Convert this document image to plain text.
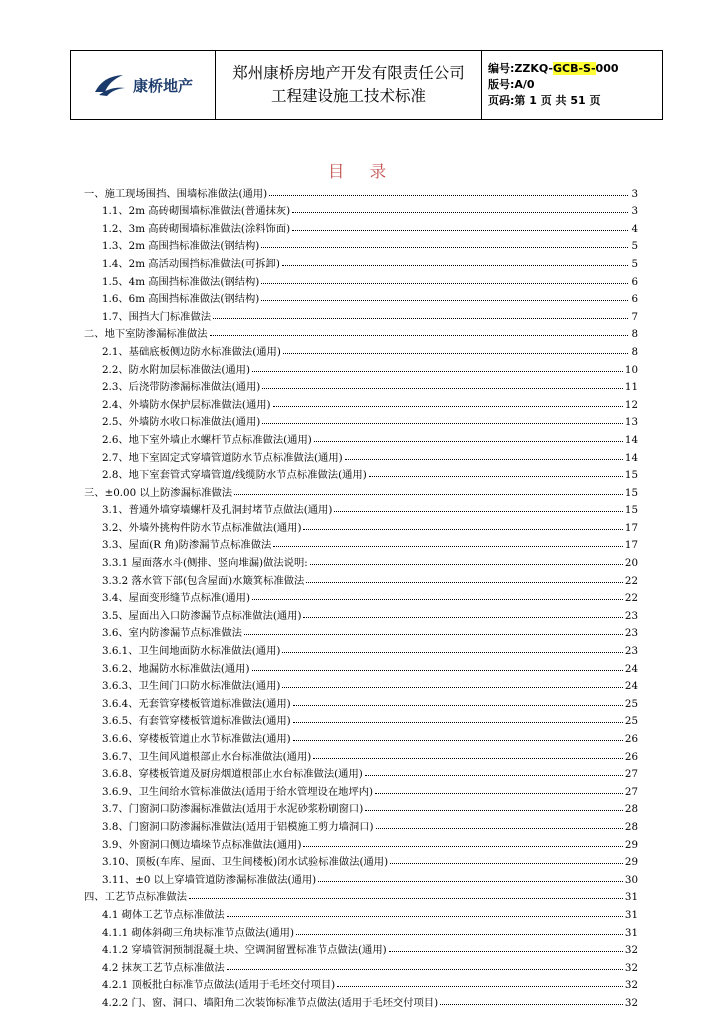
康桥地产
郑州康桥房地产开发有限责任公司
工程建设施工技术标准
编号:ZZKQ-GCB-S-000
版号:A/0
页码:第 1 页 共 51 页
目 录
一、施工现场围挡、围墙标准做法(通用)	3
1.1、2m 高砖砌围墙标准做法(普通抹灰)	3
1.2、3m 高砖砌围墙标准做法(涂料饰面)	4
1.3、2m 高围挡标准做法(钢结构)	5
1.4、2m 高活动围挡标准做法(可拆卸)	5
1.5、4m 高围挡标准做法(钢结构)	6
1.6、6m 高围挡标准做法(钢结构)	6
1.7、围挡大门标准做法	7
二、地下室防渗漏标准做法	8
2.1、基础底板侧边防水标准做法(通用)	8
2.2、防水附加层标准做法(通用)	10
2.3、后浇带防渗漏标准做法(通用)	11
2.4、外墙防水保护层标准做法(通用)	12
2.5、外墙防水收口标准做法(通用)	13
2.6、地下室外墙止水螺杆节点标准做法(通用)	14
2.7、地下室固定式穿墙管道防水节点标准做法(通用)	14
2.8、地下室套管式穿墙管道/线缆防水节点标准做法(通用)	15
三、±0.00 以上防渗漏标准做法	15
3.1、普通外墙穿墙螺杆及孔洞封堵节点做法(通用)	15
3.2、外墙外挑构件防水节点标准做法(通用)	17
3.3、屋面(R 角)防渗漏节点标准做法	17
3.3.1 屋面落水斗(侧排、竖向堆漏)做法说明:	20
3.3.2 落水管下部(包含屋面)水簸箕标准做法	22
3.4、屋面变形缝节点标准(通用)	22
3.5、屋面出入口防渗漏节点标准做法(通用)	23
3.6、室内防渗漏节点标准做法	23
3.6.1、卫生间地面防水标准做法(通用)	23
3.6.2、地漏防水标准做法(通用)	24
3.6.3、卫生间门口防水标准做法(通用)	24
3.6.4、无套管穿楼板管道标准做法(通用)	25
3.6.5、有套管穿楼板管道标准做法(通用)	25
3.6.6、穿楼板管道止水节标准做法(通用)	26
3.6.7、卫生间风道根部止水台标准做法(通用)	26
3.6.8、穿楼板管道及厨房烟道根部止水台标准做法(通用)	27
3.6.9、卫生间给水管标准做法(适用于给水管埋设在地坪内)	27
3.7、门窗洞口防渗漏标准做法(适用于水泥砂浆粉刷窗口)	28
3.8、门窗洞口防渗漏标准做法(适用于铝模施工剪力墙洞口)	28
3.9、外窗洞口侧边墙垛节点标准做法(通用)	29
3.10、顶板(车库、屋面、卫生间楼板)闭水试验标准做法(通用)	29
3.11、±0 以上穿墙管道防渗漏标准做法(通用)	30
四、工艺节点标准做法	31
4.1 砌体工艺节点标准做法	31
4.1.1 砌体斜砌三角块标准节点做法(通用)	31
4.1.2 穿墙管洞预制混凝土块、空调洞留置标准节点做法(通用)	32
4.2 抹灰工艺节点标准做法	32
4.2.1 顶板批白标准节点做法(适用于毛坯交付项目)	32
4.2.2 门、窗、洞口、墙阳角二次装饰标准节点做法(适用于毛坯交付项目)	32
